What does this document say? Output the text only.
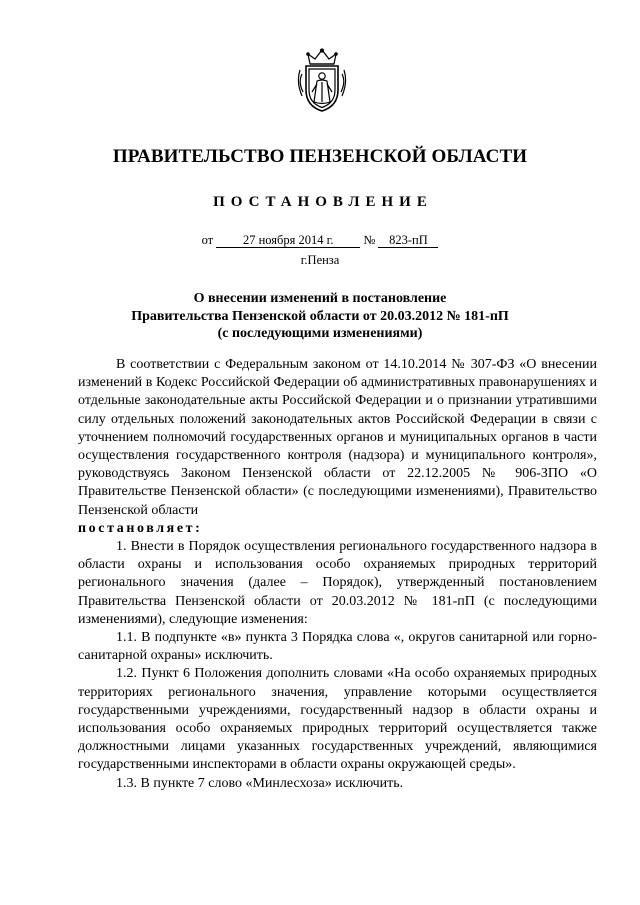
ПРАВИТЕЛЬСТВО ПЕНЗЕНСКОЙ ОБЛАСТИ
ПОСТАНОВЛЕНИЕ
от 27 ноября 2014 г. № 823-пП
г.Пенза
О внесении изменений в постановление
Правительства Пензенской области от 20.03.2012 № 181-пП
(с последующими изменениями)

В соответствии с Федеральным законом от 14.10.2014 № 307-ФЗ «О внесении изменений в Кодекс Российской Федерации об административных правонарушениях и отдельные законодательные акты Российской Федерации и о признании утратившими силу отдельных положений законодательных актов Российской Федерации в связи с уточнением полномочий государственных органов и муниципальных органов в части осуществления государственного контроля (надзора) и муниципального контроля», руководствуясь Законом Пензенской области от 22.12.2005 № 906-ЗПО «О Правительстве Пензенской области» (с последующими изменениями), Правительство Пензенской области

постановляет:

1. Внести в Порядок осуществления регионального государственного надзора в области охраны и использования особо охраняемых природных территорий регионального значения (далее – Порядок), утвержденный постановлением Правительства Пензенской области от 20.03.2012 № 181-пП (с последующими изменениями), следующие изменения:

1.1. В подпункте «в» пункта 3 Порядка слова «, округов санитарной или горно-санитарной охраны» исключить.

1.2. Пункт 6 Положения дополнить словами «На особо охраняемых природных территориях регионального значения, управление которыми осуществляется государственными учреждениями, государственный надзор в области охраны и использования особо охраняемых природных территорий осуществляется также должностными лицами указанных государственных учреждений, являющимися государственными инспекторами в области охраны окружающей среды».

1.3. В пункте 7 слово «Минлесхоза» исключить.
